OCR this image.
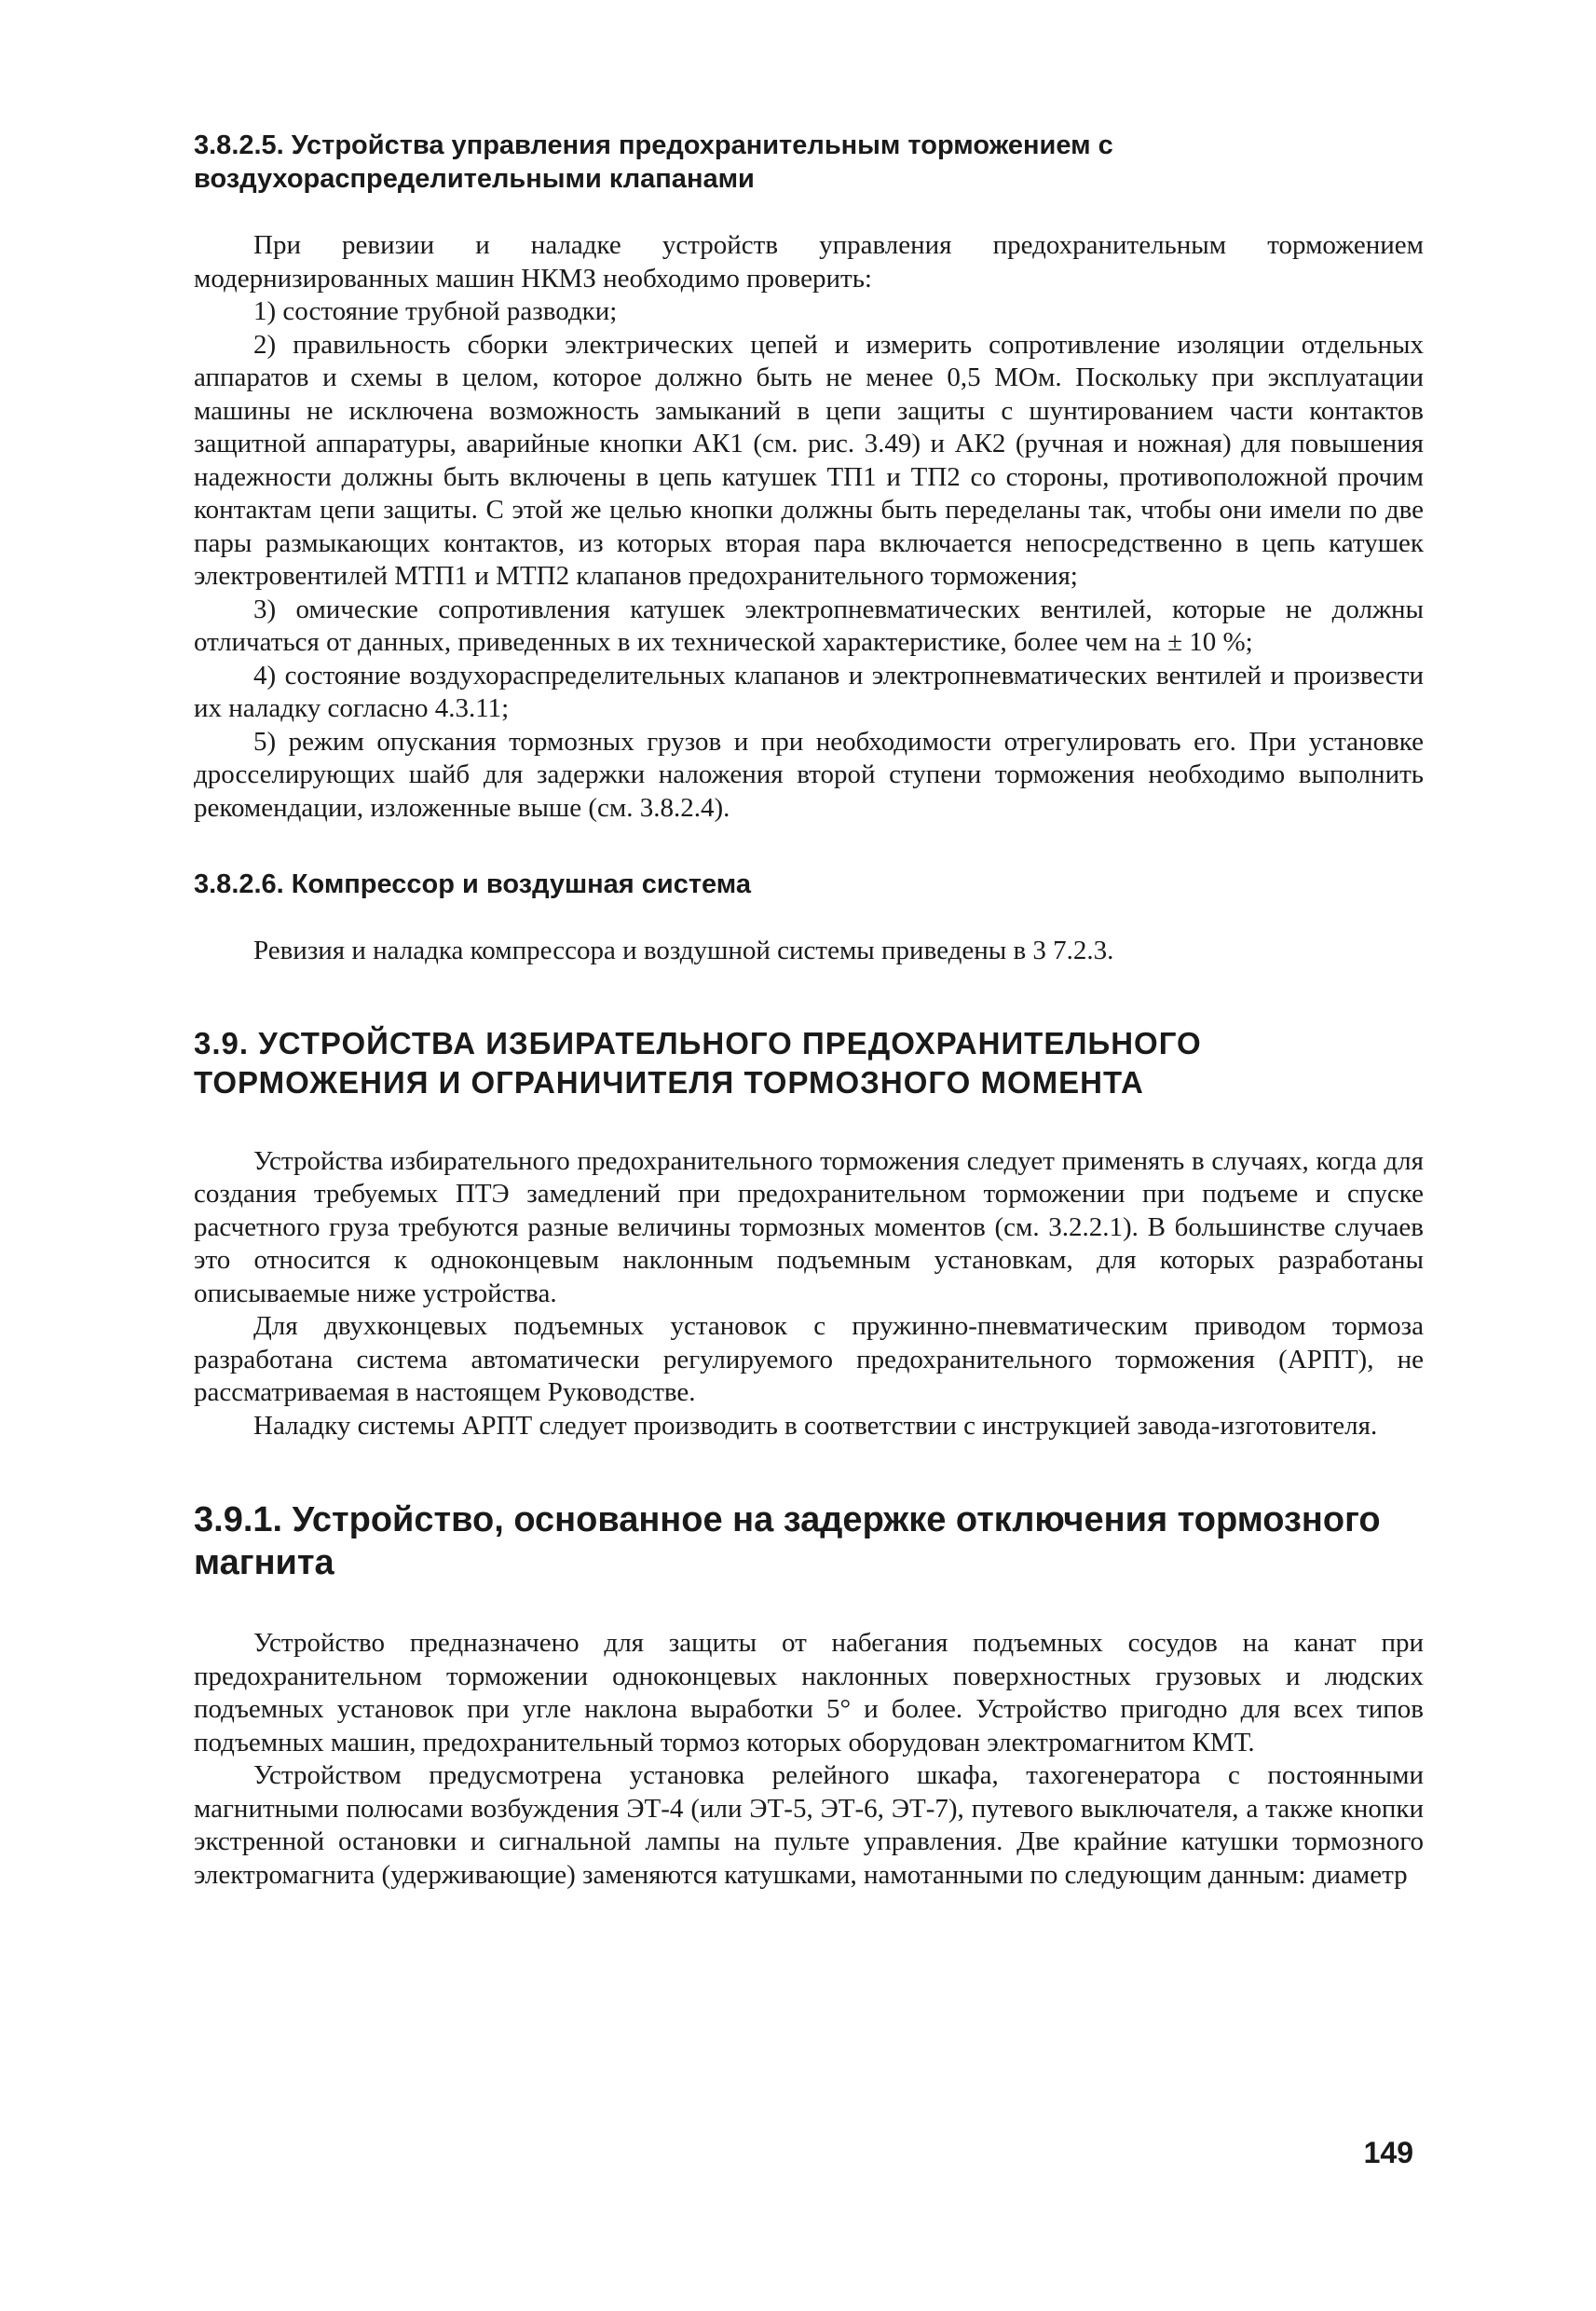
3.8.2.5. Устройства управления предохранительным торможением с воздухораспределительными клапанами

При ревизии и наладке устройств управления предохранительным торможением модернизированных машин НКМЗ необходимо проверить:

1) состояние трубной разводки;

2) правильность сборки электрических цепей и измерить сопротивление изоляции отдельных аппаратов и схемы в целом, которое должно быть не менее 0,5 МОм. Поскольку при эксплуатации машины не исключена возможность замыканий в цепи защиты с шунтированием части контактов защитной аппаратуры, аварийные кнопки АК1 (см. рис. 3.49) и АК2 (ручная и ножная) для повышения надежности должны быть включены в цепь катушек ТП1 и ТП2 со стороны, противоположной прочим контактам цепи защиты. С этой же целью кнопки должны быть переделаны так, чтобы они имели по две пары размыкающих контактов, из которых вторая пара включается непосредственно в цепь катушек электровентилей МТП1 и МТП2 клапанов предохранительного торможения;

3) омические сопротивления катушек электропневматических вентилей, которые не должны отличаться от данных, приведенных в их технической характеристике, более чем на ± 10 %;

4) состояние воздухораспределительных клапанов и электропневматических вентилей и произвести их наладку согласно 4.3.11;

5) режим опускания тормозных грузов и при необходимости отрегулировать его. При установке дросселирующих шайб для задержки наложения второй ступени торможения необходимо выполнить рекомендации, изложенные выше (см. 3.8.2.4).

3.8.2.6. Компрессор и воздушная система

Ревизия и наладка компрессора и воздушной системы приведены в 3 7.2.3.

3.9. УСТРОЙСТВА ИЗБИРАТЕЛЬНОГО ПРЕДОХРАНИТЕЛЬНОГО ТОРМОЖЕНИЯ И ОГРАНИЧИТЕЛЯ ТОРМОЗНОГО МОМЕНТА

Устройства избирательного предохранительного торможения следует применять в случаях, когда для создания требуемых ПТЭ замедлений при предохранительном торможении при подъеме и спуске расчетного груза требуются разные величины тормозных моментов (см. 3.2.2.1). В большинстве случаев это относится к одноконцевым наклонным подъемным установкам, для которых разработаны описываемые ниже устройства.

Для двухконцевых подъемных установок с пружинно-пневматическим приводом тормоза разработана система автоматически регулируемого предохранительного торможения (АРПТ), не рассматриваемая в настоящем Руководстве.

Наладку системы АРПТ следует производить в соответствии с инструкцией завода-изготовителя.

3.9.1. Устройство, основанное на задержке отключения тормозного магнита

Устройство предназначено для защиты от набегания подъемных сосудов на канат при предохранительном торможении одноконцевых наклонных поверхностных грузовых и людских подъемных установок при угле наклона выработки 5° и более. Устройство пригодно для всех типов подъемных машин, предохранительный тормоз которых оборудован электромагнитом КМТ.

Устройством предусмотрена установка релейного шкафа, тахогенератора с постоянными магнитными полюсами возбуждения ЭТ-4 (или ЭТ-5, ЭТ-6, ЭТ-7), путевого выключателя, а также кнопки экстренной остановки и сигнальной лампы на пульте управления. Две крайние катушки тормозного электромагнита (удерживающие) заменяются катушками, намотанными по следующим данным: диаметр

149
